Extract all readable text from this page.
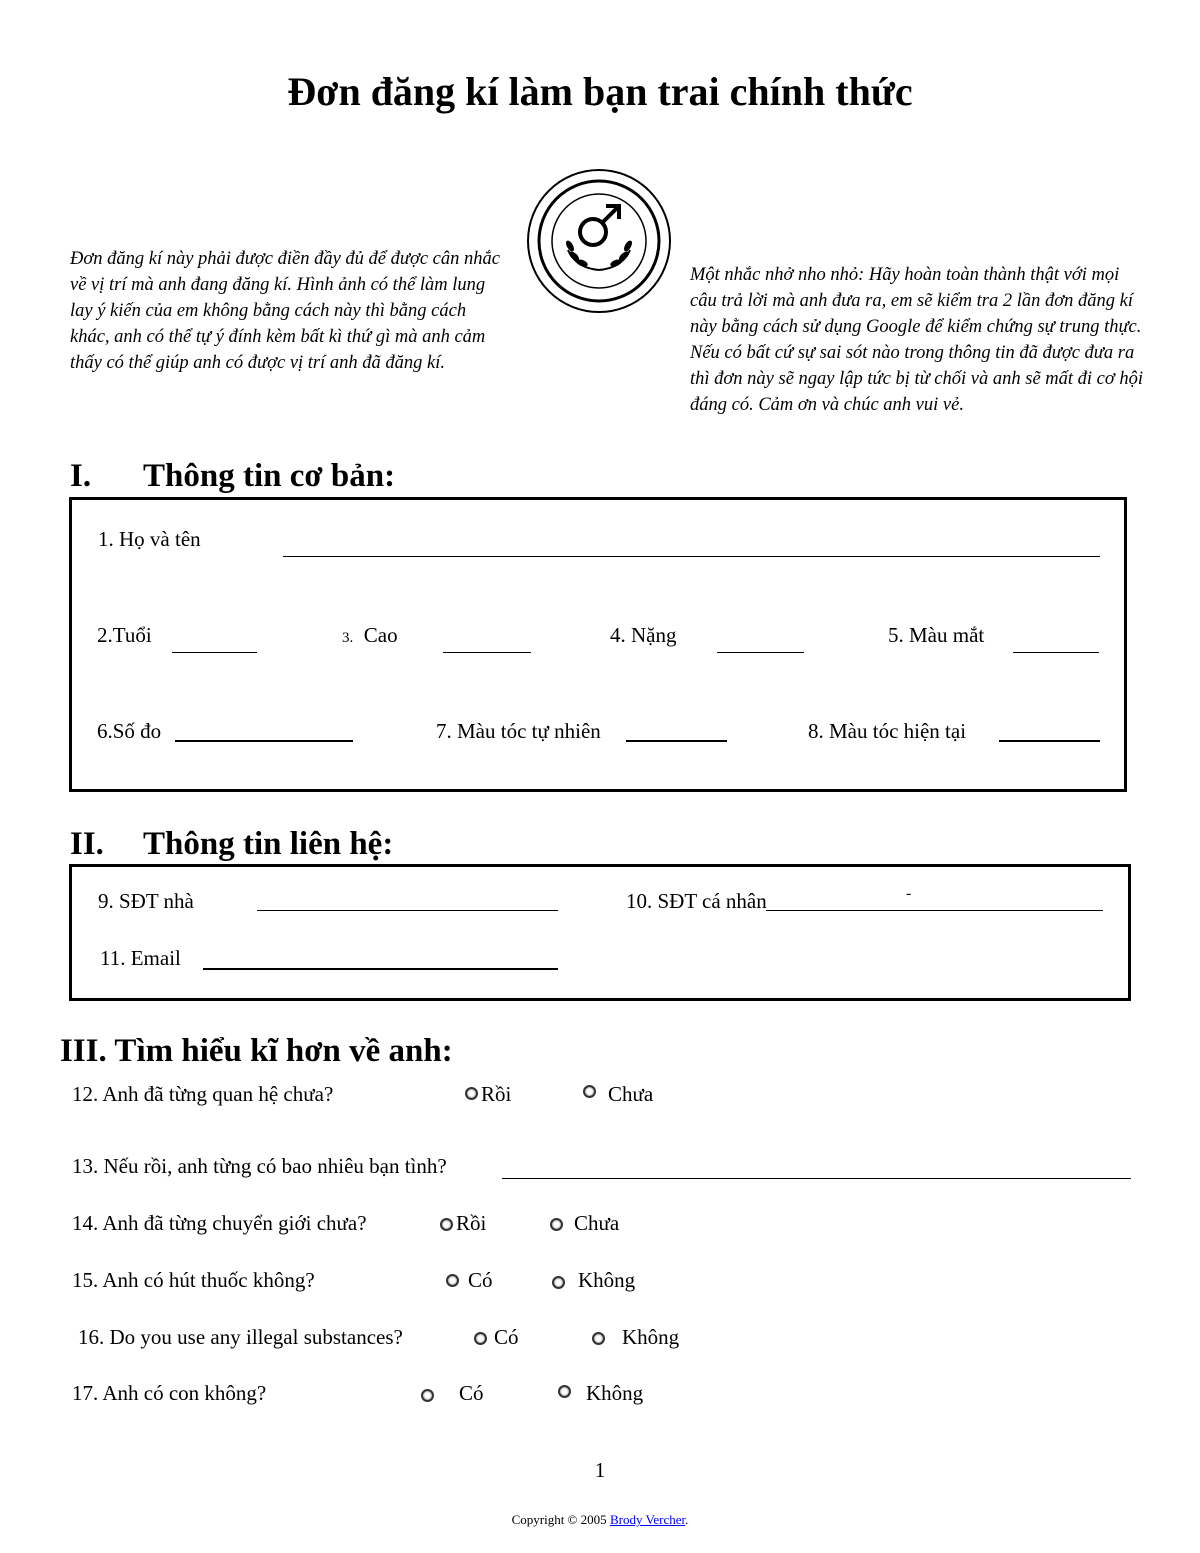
Đơn đăng kí làm bạn trai chính thức
Đơn đăng kí này phải được điền đầy đủ để được cân nhắc về vị trí mà anh đang đăng kí. Hình ảnh có thể làm lung lay ý kiến của em không bằng cách này thì bằng cách khác, anh có thể tự ý đính kèm bất kì thứ gì mà anh cảm thấy có thể giúp anh có được vị trí anh đã đăng kí.
Một nhắc nhở nho nhỏ: Hãy hoàn toàn thành thật với mọi câu trả lời mà anh đưa ra, em sẽ kiểm tra 2 lần đơn đăng kí này bằng cách sử dụng Google để kiểm chứng sự trung thực. Nếu có bất cứ sự sai sót nào trong thông tin đã được đưa ra thì đơn này sẽ ngay lập tức bị từ chối và anh sẽ mất đi cơ hội đáng có. Cảm ơn và chúc anh vui vẻ.
I. Thông tin cơ bản:
1. Họ và tên
2.Tuổi	3. Cao	4. Nặng	5. Màu mắt
6.Số đo	7. Màu tóc tự nhiên	8. Màu tóc hiện tại
II. Thông tin liên hệ:
9. SĐT nhà	10. SĐT cá nhân	-
11. Email
III. Tìm hiểu kĩ hơn về anh:
12. Anh đã từng quan hệ chưa?	Rồi	Chưa
13. Nếu rồi, anh từng có bao nhiêu bạn tình?
14. Anh đã từng chuyển giới chưa?	Rồi	Chưa
15. Anh có hút thuốc không?	Có	Không
16. Do you use any illegal substances?	Có	Không
17. Anh có con không?	Có	Không
1
Copyright © 2005 Brody Vercher.
